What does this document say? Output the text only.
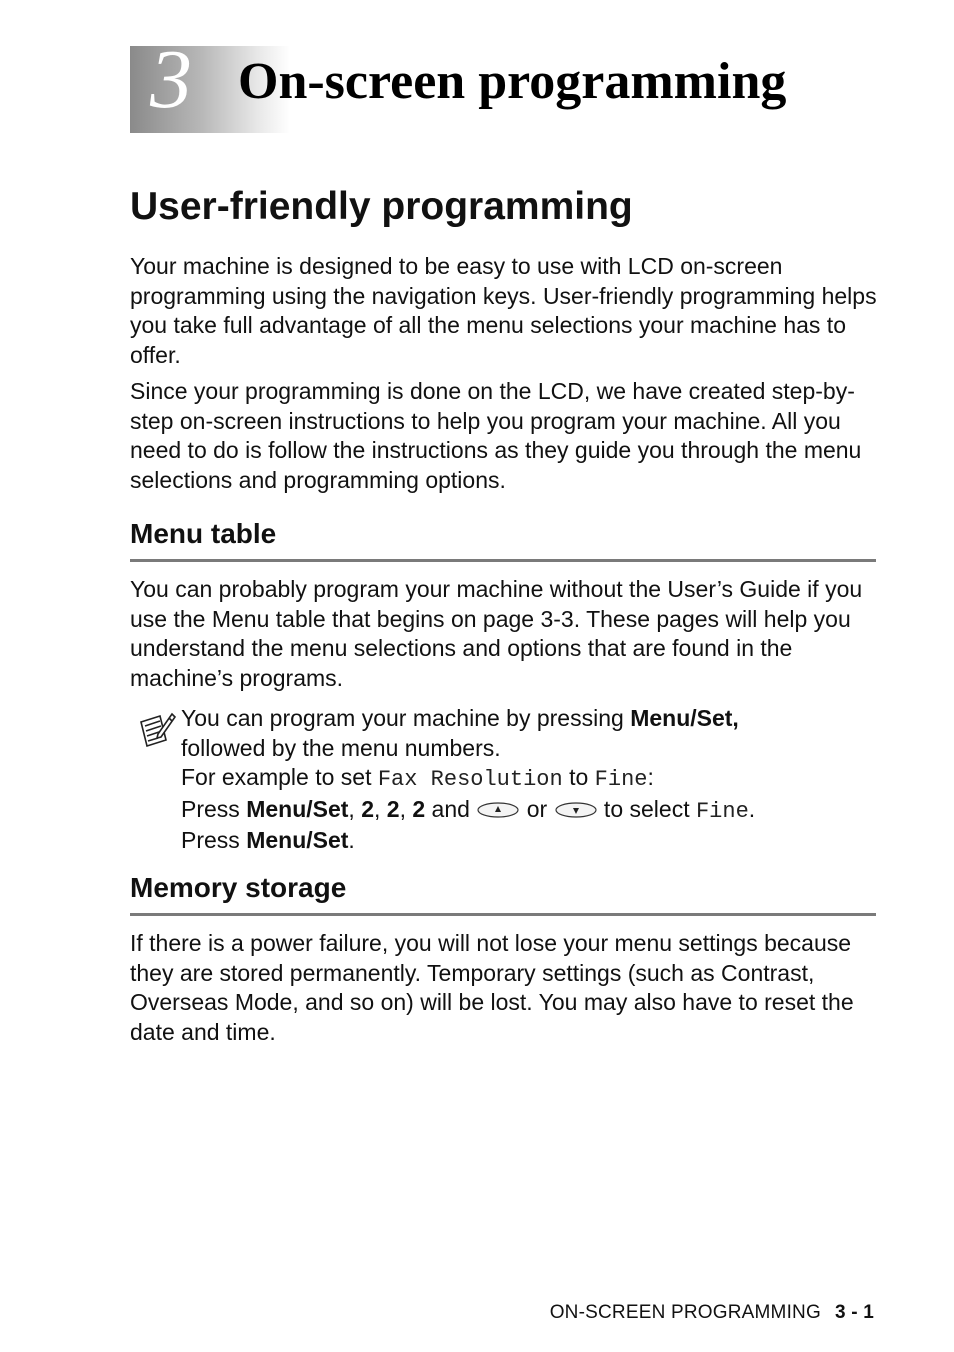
3 On-screen programming
User-friendly programming

Your machine is designed to be easy to use with LCD on-screen programming using the navigation keys. User-friendly programming helps you take full advantage of all the menu selections your machine has to offer.

Since your programming is done on the LCD, we have created step-by-step on-screen instructions to help you program your machine. All you need to do is follow the instructions as they guide you through the menu selections and programming options.

Menu table

You can probably program your machine without the User’s Guide if you use the Menu table that begins on page 3-3. These pages will help you understand the menu selections and options that are found in the machine’s programs.

You can program your machine by pressing Menu/Set,

followed by the menu numbers.

For example to set Fax Resolution to Fine:

Press Menu/Set, 2, 2, 2 and  or  to select Fine.

Press Menu/Set.

Memory storage

If there is a power failure, you will not lose your menu settings because they are stored permanently. Temporary settings (such as Contrast, Overseas Mode, and so on) will be lost. You may also have to reset the date and time.

ON-SCREEN PROGRAMMING 3 - 1
